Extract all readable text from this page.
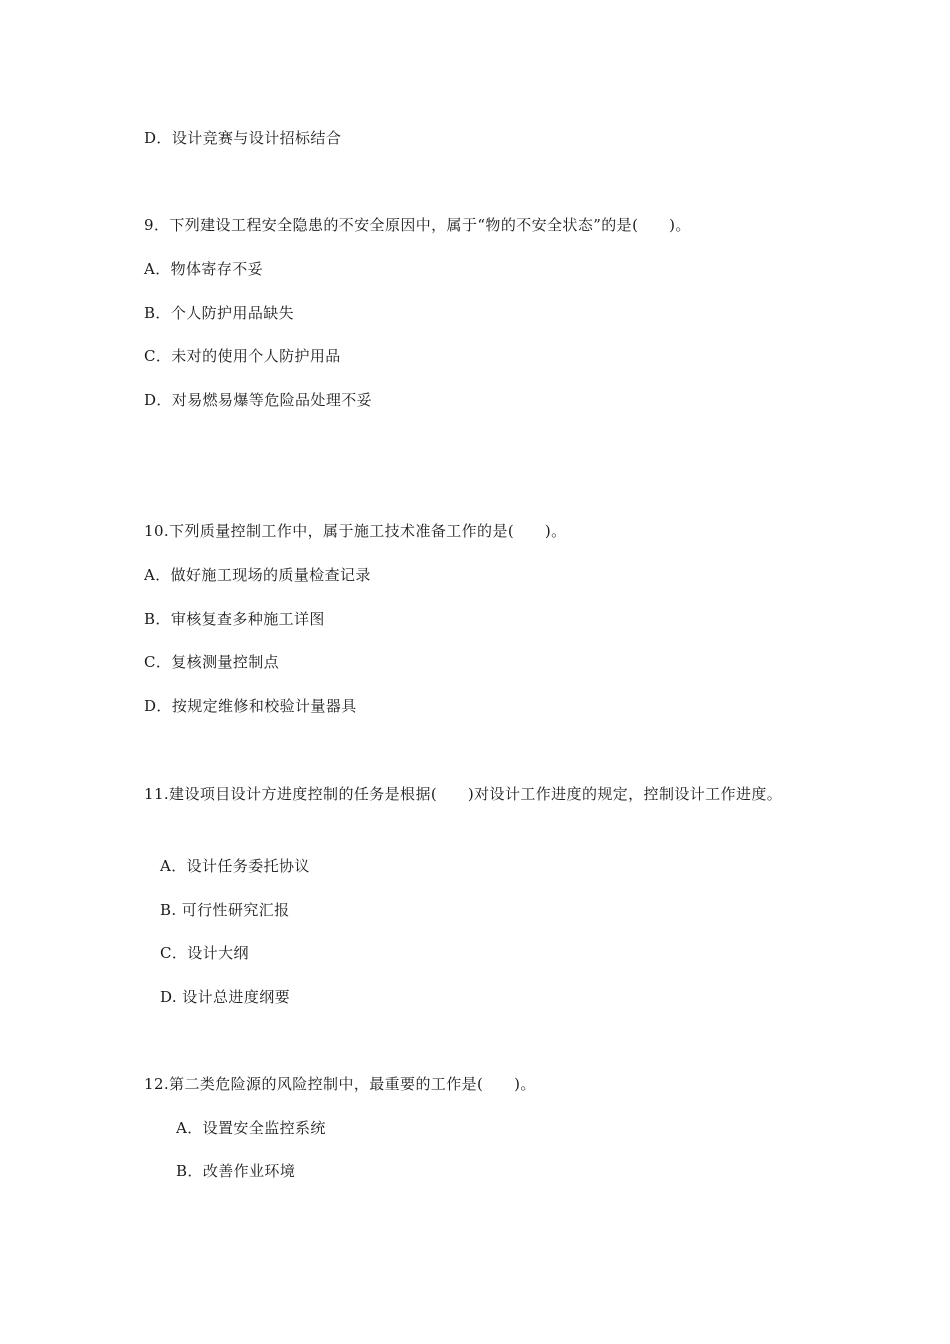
D．设计竞赛与设计招标结合
9．下列建设工程安全隐患的不安全原因中，属于“物的不安全状态”的是(　　)。
A．物体寄存不妥
B．个人防护用品缺失
C．未对的使用个人防护用品
D．对易燃易爆等危险品处理不妥
10.下列质量控制工作中，属于施工技术准备工作的是(　　)。
A．做好施工现场的质量检查记录
B．审核复查多种施工详图
C．复核测量控制点
D．按规定维修和校验计量器具
11.建设项目设计方进度控制的任务是根据(　　)对设计工作进度的规定，控制设计工作进度。
A．设计任务委托协议
B. 可行性研究汇报
C．设计大纲
D. 设计总进度纲要
12.第二类危险源的风险控制中，最重要的工作是(　　)。
A．设置安全监控系统
B．改善作业环境
